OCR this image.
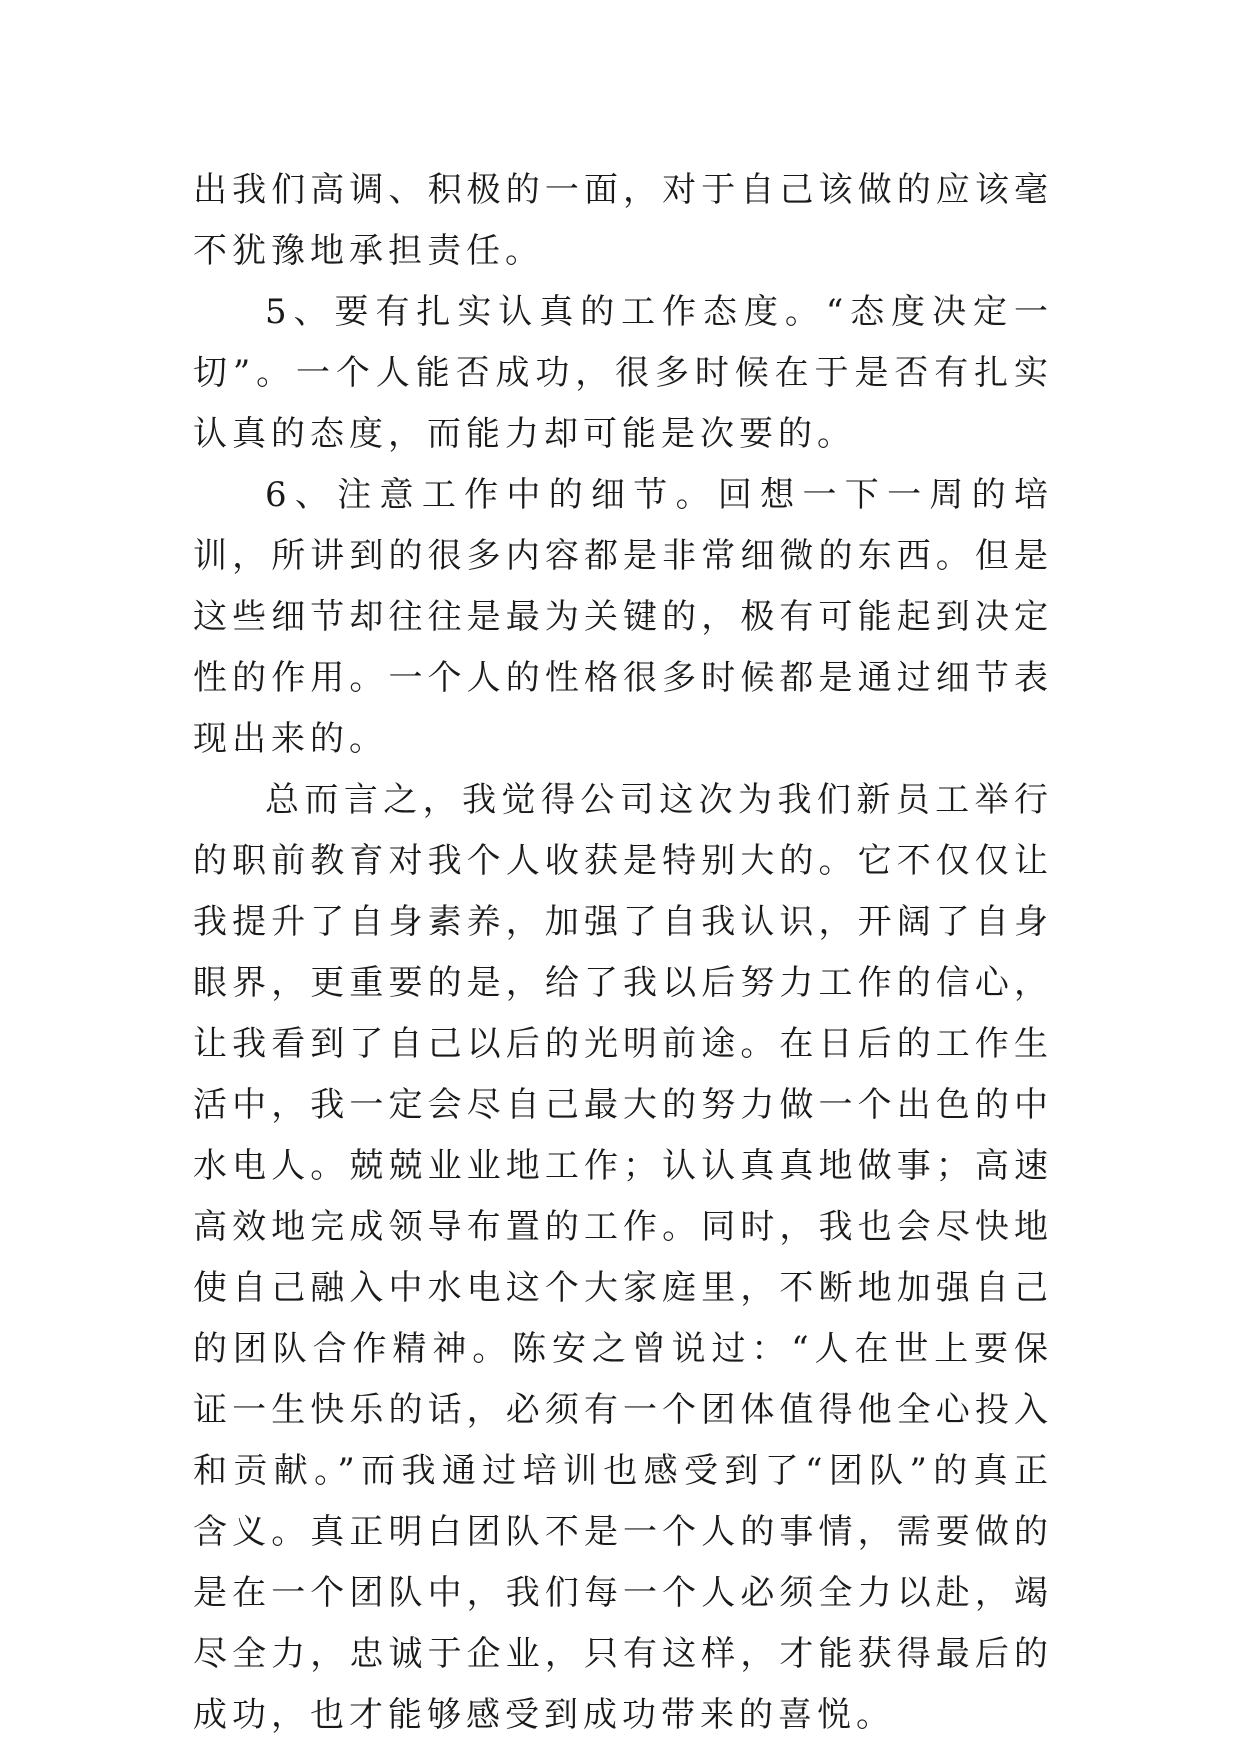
出我们高调、积极的一面，对于自己该做的应该毫不犹豫地承担责任。

5、要有扎实认真的工作态度。“态度决定一切”。一个人能否成功，很多时候在于是否有扎实认真的态度，而能力却可能是次要的。

6、注意工作中的细节。回想一下一周的培训，所讲到的很多内容都是非常细微的东西。但是这些细节却往往是最为关键的，极有可能起到决定性的作用。一个人的性格很多时候都是通过细节表现出来的。

总而言之，我觉得公司这次为我们新员工举行的职前教育对我个人收获是特别大的。它不仅仅让我提升了自身素养，加强了自我认识，开阔了自身眼界，更重要的是，给了我以后努力工作的信心，让我看到了自己以后的光明前途。在日后的工作生活中，我一定会尽自己最大的努力做一个出色的中水电人。兢兢业业地工作；认认真真地做事；高速高效地完成领导布置的工作。同时，我也会尽快地使自己融入中水电这个大家庭里，不断地加强自己的团队合作精神。陈安之曾说过：“人在世上要保证一生快乐的话，必须有一个团体值得他全心投入和贡献。”而我通过培训也感受到了“团队”的真正含义。真正明白团队不是一个人的事情，需要做的是在一个团队中，我们每一个人必须全力以赴，竭尽全力，忠诚于企业，只有这样，才能获得最后的成功，也才能够感受到成功带来的喜悦。
